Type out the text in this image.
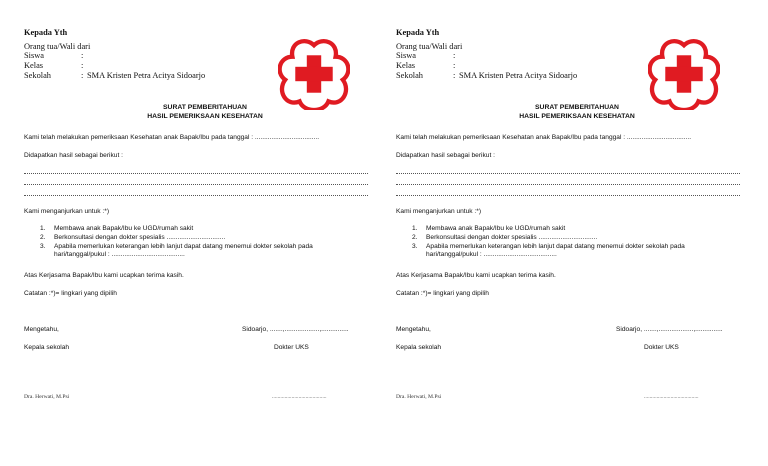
Kepada Yth
Orang tua/Wali dari
Siswa	:
Kelas	:
Sekolah	: SMA Kristen Petra Acitya Sidoarjo
SURAT PEMBERITAHUAN
HASIL PEMERIKSAAN KESEHATAN
Kami telah melakukan pemeriksaan Kesehatan anak Bapak/Ibu pada tanggal : ...................................
Didapatkan hasil sebagai berikut :
Kami menganjurkan untuk :*)
1. Membawa anak Bapak/Ibu ke UGD/rumah sakit
2. Berkonsultasi dengan dokter spesialis ................................
3. Apabila memerlukan keterangan lebih lanjut dapat datang menemui dokter sekolah pada
hari/tanggal/pukul : ........................................
Atas Kerjasama Bapak/Ibu kami ucapkan terima kasih.
Catatan :*)= lingkari yang dipilih
Mengetahu,	Sidoarjo, .......,...................,...............
Kepala sekolah	Dokter UKS
Dra. Herwati, M.Psi	.......................................
Kepada Yth
Orang tua/Wali dari
Siswa	:
Kelas	:
Sekolah	: SMA Kristen Petra Acitya Sidoarjo
SURAT PEMBERITAHUAN
HASIL PEMERIKSAAN KESEHATAN
Kami telah melakukan pemeriksaan Kesehatan anak Bapak/Ibu pada tanggal : ...................................
Didapatkan hasil sebagai berikut :
Kami menganjurkan untuk :*)
1. Membawa anak Bapak/Ibu ke UGD/rumah sakit
2. Berkonsultasi dengan dokter spesialis ................................
3. Apabila memerlukan keterangan lebih lanjut dapat datang menemui dokter sekolah pada
hari/tanggal/pukul : ........................................
Atas Kerjasama Bapak/Ibu kami ucapkan terima kasih.
Catatan :*)= lingkari yang dipilih
Mengetahu,	Sidoarjo, .......,...................,...............
Kepala sekolah	Dokter UKS
Dra. Herwati, M.Psi	.......................................
